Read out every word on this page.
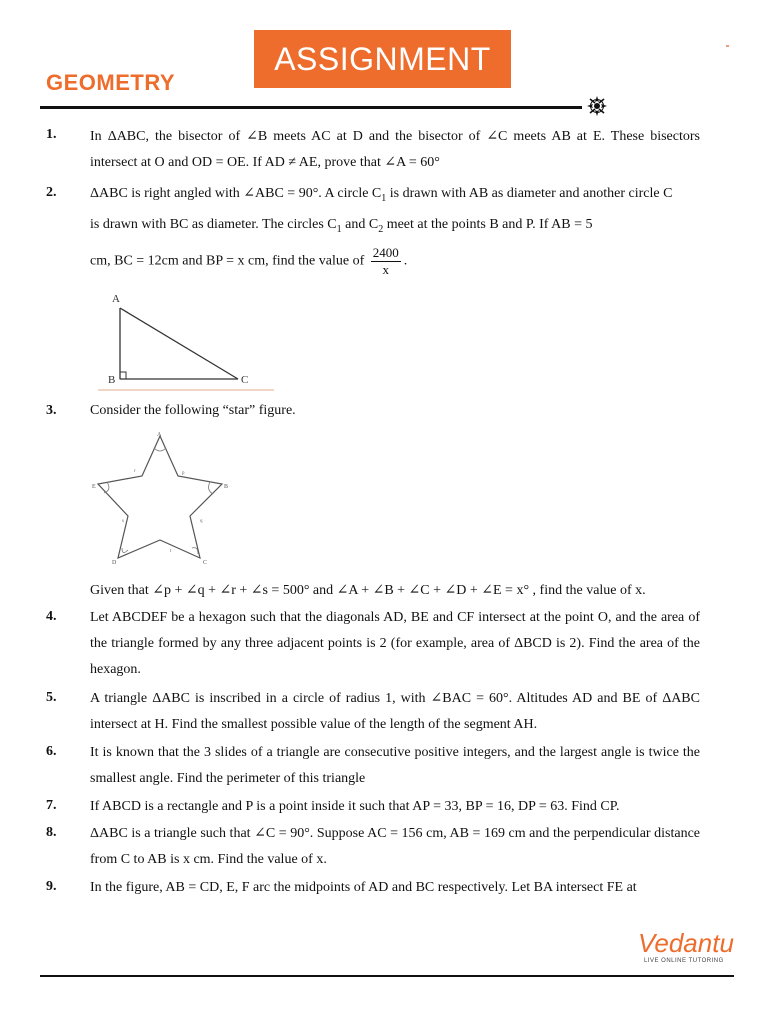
ASSIGNMENT
GEOMETRY
1. In ΔABC, the bisector of ∠B meets AC at D and the bisector of ∠C meets AB at E. These bisectors intersect at O and OD = OE. If AD ≠ AE, prove that ∠A = 60°
2. ΔABC is right angled with ∠ABC = 90°. A circle $C_1$ is drawn with AB as diameter and another circle C
is drawn with BC as diameter. The circles $C_1$ and $C_2$ meet at the points B and P. If AB = 5
cm, BC = 12cm and BP = x cm, find the value of $\frac{2400}{x}$ .
A
B	C
3. Consider the following “star” figure.
A
B
C
D
E
p
q
t
s
r
Given that ∠p + ∠q + ∠r + ∠s = 500° and ∠A + ∠B + ∠C + ∠D + ∠E = x° , find the value of x.
4. Let ABCDEF be a hexagon such that the diagonals AD, BE and CF intersect at the point O, and the area of the triangle formed by any three adjacent points is 2 (for example, area of ΔBCD is 2). Find the area of the hexagon.
5. A triangle ΔABC is inscribed in a circle of radius 1, with ∠BAC = 60°. Altitudes AD and BE of ΔABC intersect at H. Find the smallest possible value of the length of the segment AH.
6. It is known that the 3 slides of a triangle are consecutive positive integers, and the largest angle is twice the smallest angle. Find the perimeter of this triangle
7. If ABCD is a rectangle and P is a point inside it such that AP = 33, BP = 16, DP = 63. Find CP.
8. ΔABC is a triangle such that ∠C = 90°. Suppose AC = 156 cm, AB = 169 cm and the perpendicular distance from C to AB is x cm. Find the value of x.
9. In the figure, AB = CD, E, F arc the midpoints of AD and BC respectively. Let BA intersect FE at
Vedantu
LIVE ONLINE TUTORING
